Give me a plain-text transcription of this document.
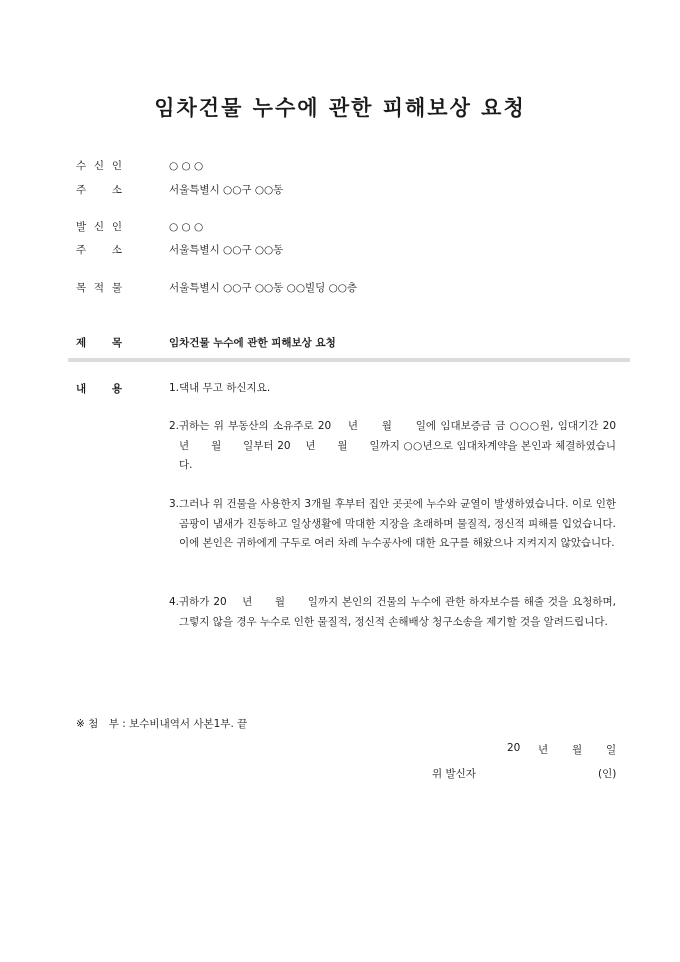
임차건물 누수에 관한 피해보상 요청
수 신 인	○ ○ ○
주 소	서울특별시 ○○구 ○○동
발 신 인	○ ○ ○
주 소	서울특별시 ○○구 ○○동
목 적 물	서울특별시 ○○구 ○○동 ○○빌딩 ○○층
제 목	임차건물 누수에 관한 피해보상 요청
내 용	1. 댁내 무고 하신지요.
2. 귀하는 위 부동산의 소유주로 20　 년　　월　　일에 임대보증금 금 ○○○원, 임대기간 20　 년　　월　　일부터 20　 년　　월　　일까지 ○○년으로 임대차계약을 본인과 체결하였습니다.
3. 그러나 위 건물을 사용한지 3개월 후부터 집안 곳곳에 누수와 균열이 발생하였습니다. 이로 인한 곰팡이 냄새가 진동하고 일상생활에 막대한 지장을 초래하며 물질적, 정신적 피해를 입었습니다. 이에 본인은 귀하에게 구두로 여러 차례 누수공사에 대한 요구를 해왔으나 지켜지지 않았습니다.
4. 귀하가 20　 년　　월　　일까지 본인의 건물의 누수에 관한 하자보수를 해줄 것을 요청하며, 그렇지 않을 경우 누수로 인한 물질적, 정신적 손해배상 청구소송을 제기할 것을 알려드립니다.
※ 첨　부 : 보수비내역서 사본1부. 끝
20 년 월 일
위 발신자	(인)
